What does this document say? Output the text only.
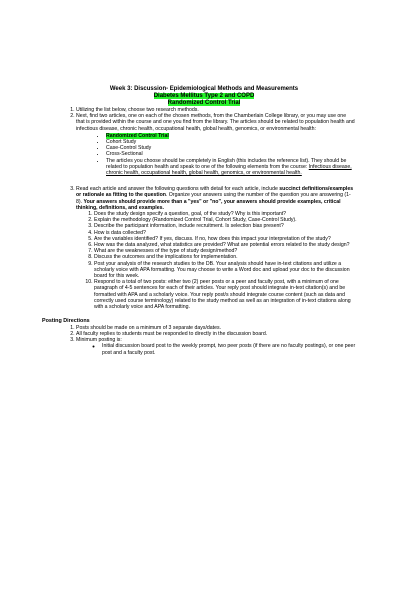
Week 3: Discussion- Epidemiological Methods and Measurements
Diabetes Mellitus Type 2 and COPD
Randomized Control Trial
1. Utilizing the list below, choose two research methods.
2. Next, find two articles, one on each of the chosen methods, from the Chamberlain College library, or you may use one that is provided within the course and one you find from the library. The articles should be related to population health and infectious disease, chronic health, occupational health, global health, genomics, or environmental health:
• Randomized Control Trial
• Cohort Study
• Case-Control Study
• Cross-Sectional
• The articles you choose should be completely in English (this includes the reference list). They should be related to population health and speak to one of the following elements from the course: Infectious disease, chronic health, occupational health, global health, genomics, or environmental health.
3. Read each article and answer the following questions with detail for each article, include succinct definitions/examples or rationale as fitting to the question. Organize your answers using the number of the question you are answering (1-8). Your answers should provide more than a "yes" or "no", your answers should provide examples, critical thinking, definitions, and examples.
1. Does the study design specify a question, goal, of the study? Why is this important?
2. Explain the methodology (Randomized Control Trial, Cohort Study, Case-Control Study).
3. Describe the participant information, include recruitment. Is selection bias present?
4. How is data collected?
5. Are the variables identified? If yes, discuss. If no, how does this impact your interpretation of the study?
6. How was the data analyzed, what statistics are provided? What are potential errors related to the study design?
7. What are the weaknesses of the type of study design/method?
8. Discuss the outcomes and the implications for implementation.
9. Post your analysis of the research studies to the DB. Your analysis should have in-text citations and utilize a scholarly voice with APA formatting. You may choose to write a Word doc and upload your doc to the discussion board for this week.
10. Respond to a total of two posts: either two (2) peer posts or a peer and faculty post, with a minimum of one paragraph of 4-5 sentences for each of their articles. Your reply post should integrate in-text citation(s) and be formatted with APA and a scholarly voice. Your reply post/s should integrate course content (such as data and correctly used course terminology) related to the study method as well as an integration of in-text citations along with a scholarly voice and APA formatting.
Posting Directions
1. Posts should be made on a minimum of 3 separate days/dates.
2. All faculty replies to students must be responded to directly in the discussion board.
3. Minimum posting is:
◦ Initial discussion board post to the weekly prompt, two peer posts (if there are no faculty postings), or one peer post and a faculty post.
